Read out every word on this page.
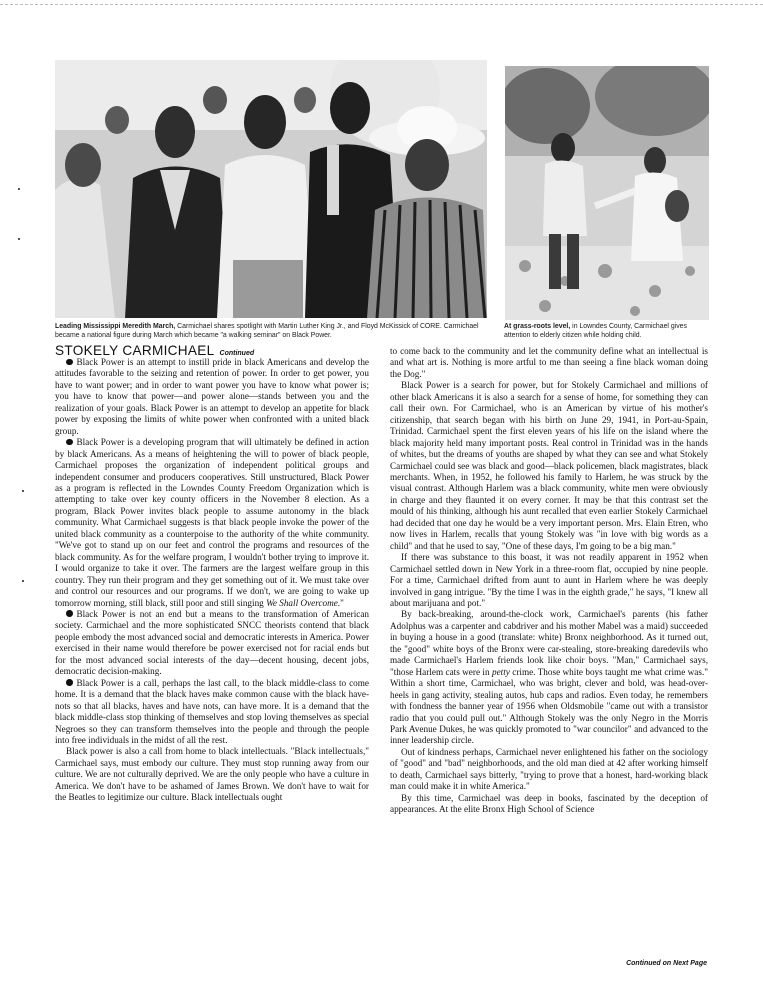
Leading Mississippi Meredith March, Carmichael shares spotlight with Martin Luther King Jr., and Floyd McKissick of CORE. Carmichael became a national figure during March which became "a walking seminar" on Black Power.
At grass-roots level, in Lowndes County, Carmichael gives attention to elderly citizen while holding child.
STOKELY CARMICHAEL Continued

Black Power is an attempt to instill pride in black Americans and develop the attitudes favorable to the seizing and retention of power. In order to get power, you have to want power; and in order to want power you have to know what power is; you have to know that power—and power alone—stands between you and the realization of your goals. Black Power is an attempt to develop an appetite for black power by exposing the limits of white power when confronted with a united black group.

Black Power is a developing program that will ultimately be defined in action by black Americans. As a means of heightening the will to power of black people, Carmichael proposes the organization of independent political groups and independent consumer and producers cooperatives. Still unstructured, Black Power as a program is reflected in the Lowndes County Freedom Organization which is attempting to take over key county officers in the November 8 election. As a program, Black Power invites black people to assume autonomy in the black community. What Carmichael suggests is that black people invoke the power of the united black community as a counterpoise to the authority of the white community. "We've got to stand up on our feet and control the programs and resources of the black community. As for the welfare program, I wouldn't bother trying to improve it. I would organize to take it over. The farmers are the largest welfare group in this country. They run their program and they get something out of it. We must take over and control our resources and our programs. If we don't, we are going to wake up tomorrow morning, still black, still poor and still singing We Shall Overcome."

Black Power is not an end but a means to the transformation of American society. Carmichael and the more sophisticated SNCC theorists contend that black people embody the most advanced social and democratic interests in America. Power exercised in their name would therefore be power exercised not for racial ends but for the most advanced social interests of the day—decent housing, decent jobs, democratic decision-making.

Black Power is a call, perhaps the last call, to the black middle-class to come home. It is a demand that the black haves make common cause with the black have-nots so that all blacks, haves and have nots, can have more. It is a demand that the black middle-class stop thinking of themselves and stop loving themselves as special Negroes so they can transform themselves into the people and through the people into free individuals in the midst of all the rest.

Black power is also a call from home to black intellectuals. "Black intellectuals," Carmichael says, must embody our culture. They must stop running away from our culture. We are not culturally deprived. We are the only people who have a culture in America. We don't have to be ashamed of James Brown. We don't have to wait for the Beatles to legitimize our culture. Black intellectuals ought

to come back to the community and let the community define what an intellectual is and what art is. Nothing is more artful to me than seeing a fine black woman doing the Dog."

Black Power is a search for power, but for Stokely Carmichael and millions of other black Americans it is also a search for a sense of home, for something they can call their own. For Carmichael, who is an American by virtue of his mother's citizenship, that search began with his birth on June 29, 1941, in Port-au-Spain, Trinidad. Carmichael spent the first eleven years of his life on the island where the black majority held many important posts. Real control in Trinidad was in the hands of whites, but the dreams of youths are shaped by what they can see and what Stokely Carmichael could see was black and good—black policemen, black magistrates, black merchants. When, in 1952, he followed his family to Harlem, he was struck by the visual contrast. Although Harlem was a black community, white men were obviously in charge and they flaunted it on every corner. It may be that this contrast set the mould of his thinking, although his aunt recalled that even earlier Stokely Carmichael had decided that one day he would be a very important person. Mrs. Elain Etren, who now lives in Harlem, recalls that young Stokely was "in love with big words as a child" and that he used to say, "One of these days, I'm going to be a big man."

If there was substance to this boast, it was not readily apparent in 1952 when Carmichael settled down in New York in a three-room flat, occupied by nine people. For a time, Carmichael drifted from aunt to aunt in Harlem where he was deeply involved in gang intrigue. "By the time I was in the eighth grade," he says, "I knew all about marijuana and pot."

By back-breaking, around-the-clock work, Carmichael's parents (his father Adolphus was a carpenter and cabdriver and his mother Mabel was a maid) succeeded in buying a house in a good (translate: white) Bronx neighborhood. As it turned out, the "good" white boys of the Bronx were car-stealing, store-breaking daredevils who made Carmichael's Harlem friends look like choir boys. "Man," Carmichael says, "those Harlem cats were in petty crime. Those white boys taught me what crime was." Within a short time, Carmichael, who was bright, clever and bold, was head-over-heels in gang activity, stealing autos, hub caps and radios. Even today, he remembers with fondness the banner year of 1956 when Oldsmobile "came out with a transistor radio that you could pull out." Although Stokely was the only Negro in the Morris Park Avenue Dukes, he was quickly promoted to "war councilor" and advanced to the inner leadership circle.

Out of kindness perhaps, Carmichael never enlightened his father on the sociology of "good" and "bad" neighborhoods, and the old man died at 42 after working himself to death, Carmichael says bitterly, "trying to prove that a honest, hard-working black man could make it in white America."

By this time, Carmichael was deep in books, fascinated by the deception of appearances. At the elite Bronx High School of Science

Continued on Next Page
